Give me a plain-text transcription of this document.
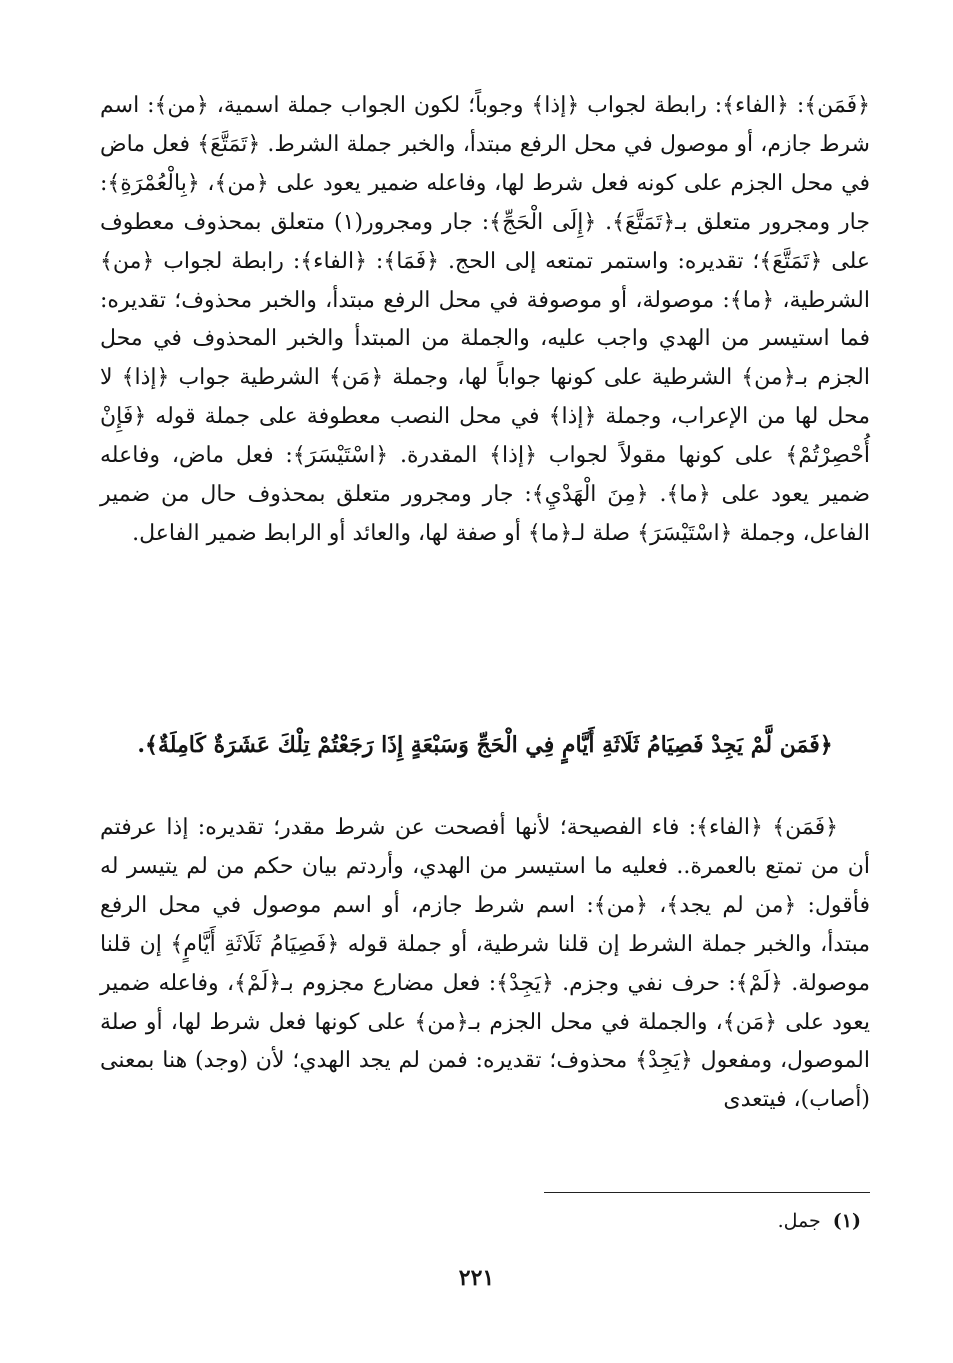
﴿فَمَن﴾: ﴿الفاء﴾: رابطة لجواب ﴿إذا﴾ وجوباً؛ لكون الجواب جملة اسمية، ﴿من﴾: اسم شرط جازم، أو موصول في محل الرفع مبتدأ، والخبر جملة الشرط. ﴿تَمَتَّعَ﴾ فعل ماض في محل الجزم على كونه فعل شرط لها، وفاعله ضمير يعود على ﴿من﴾، ﴿بِالْعُمْرَةِ﴾: جار ومجرور متعلق بـ﴿تَمَتَّعَ﴾. ﴿إِلَى الْحَجِّ﴾: جار ومجرور(١) متعلق بمحذوف معطوف على ﴿تَمَتَّعَ﴾؛ تقديره: واستمر تمتعه إلى الحج. ﴿فَمَا﴾: ﴿الفاء﴾: رابطة لجواب ﴿من﴾ الشرطية، ﴿ما﴾: موصولة، أو موصوفة في محل الرفع مبتدأ، والخبر محذوف؛ تقديره: فما استيسر من الهدي واجب عليه، والجملة من المبتدأ والخبر المحذوف في محل الجزم بـ﴿من﴾ الشرطية على كونها جواباً لها، وجملة ﴿مَن﴾ الشرطية جواب ﴿إذا﴾ لا محل لها من الإعراب، وجملة ﴿إذا﴾ في محل النصب معطوفة على جملة قوله ﴿فَإِنْ أُحْصِرْتُمْ﴾ على كونها مقولاً لجواب ﴿إذا﴾ المقدرة. ﴿اسْتَيْسَرَ﴾: فعل ماض، وفاعله ضمير يعود على ﴿ما﴾. ﴿مِنَ الْهَدْيِ﴾: جار ومجرور متعلق بمحذوف حال من ضمير الفاعل، وجملة ﴿اسْتَيْسَرَ﴾ صلة لـ﴿ما﴾ أو صفة لها، والعائد أو الرابط ضمير الفاعل.

﴿فَمَن لَّمْ يَجِدْ فَصِيَامُ ثَلَاثَةِ أَيَّامٍ فِي الْحَجِّ وَسَبْعَةٍ إِذَا رَجَعْتُمْ تِلْكَ عَشَرَةٌ كَامِلَةٌ﴾.

﴿فَمَن﴾ ﴿الفاء﴾: فاء الفصيحة؛ لأنها أفصحت عن شرط مقدر؛ تقديره: إذا عرفتم أن من تمتع بالعمرة.. فعليه ما استيسر من الهدي، وأردتم بيان حكم من لم يتيسر له فأقول: ﴿من لم يجد﴾، ﴿من﴾: اسم شرط جازم، أو اسم موصول في محل الرفع مبتدأ، والخبر جملة الشرط إن قلنا شرطية، أو جملة قوله ﴿فَصِيَامُ ثَلَاثَةِ أَيَّامٍ﴾ إن قلنا موصولة. ﴿لَمْ﴾: حرف نفي وجزم. ﴿يَجِدْ﴾: فعل مضارع مجزوم بـ﴿لَمْ﴾، وفاعله ضمير يعود على ﴿مَن﴾، والجملة في محل الجزم بـ﴿من﴾ على كونها فعل شرط لها، أو صلة الموصول، ومفعول ﴿يَجِدْ﴾ محذوف؛ تقديره: فمن لم يجد الهدي؛ لأن (وجد) هنا بمعنى (أصاب)، فيتعدى

(١) جمل.
٢٢١
